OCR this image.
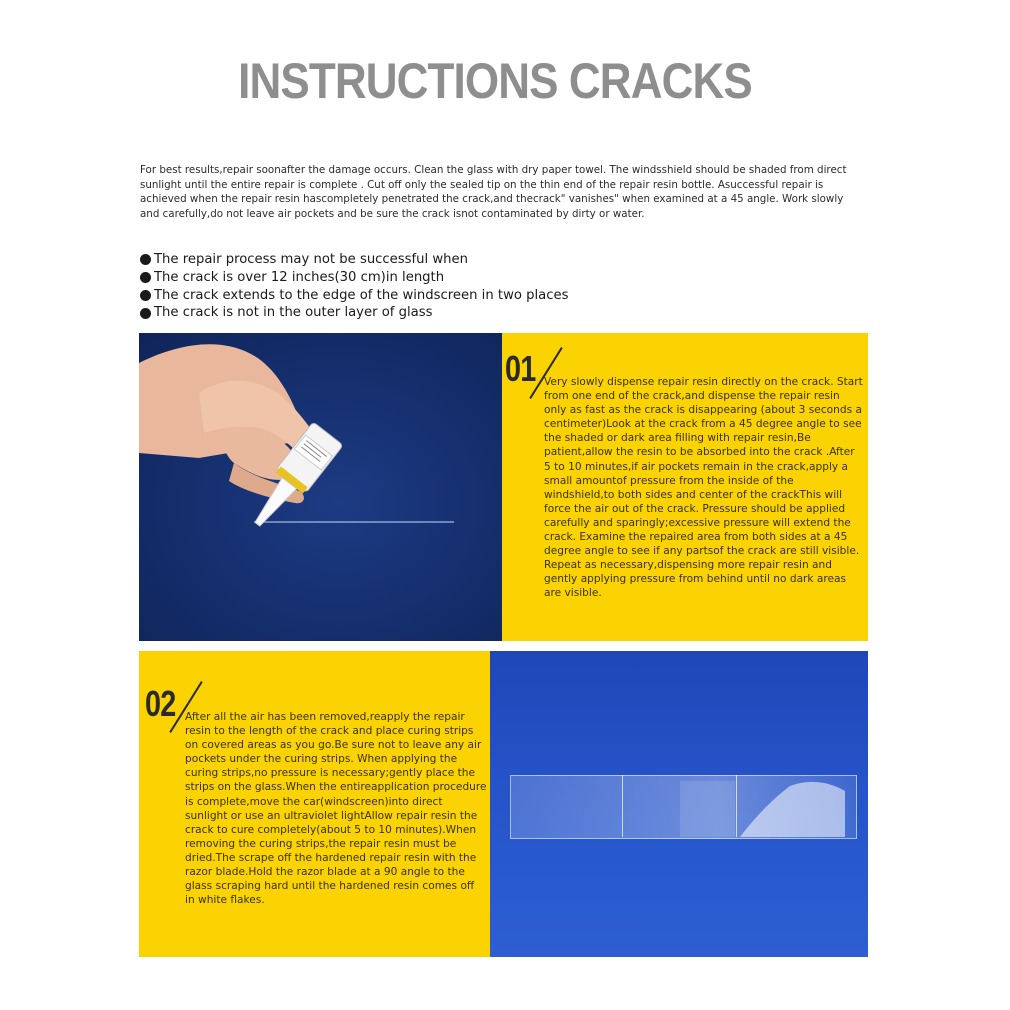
INSTRUCTIONS CRACKS
For best results,repair soonafter the damage occurs. Clean the glass with dry paper towel. The windsshield should be shaded from direct sunlight until the entire repair is complete . Cut off only the sealed tip on the thin end of the repair resin bottle. Asuccessful repair is achieved when the repair resin hascompletely penetrated the crack,and thecrack" vanishes" when examined at a 45 angle. Work slowly and carefully,do not leave air pockets and be sure the crack isnot contaminated by dirty or water.
The repair process may not be successful when
The crack is over 12 inches(30 cm)in length
The crack extends to the edge of the windscreen in two places
The crack is not in the outer layer of glass
01 Very slowly dispense repair resin directly on the crack. Start from one end of the crack,and dispense the repair resin only as fast as the crack is disappearing (about 3 seconds a centimeter)Look at the crack from a 45 degree angle to see the shaded or dark area filling with repair resin,Be patient,allow the resin to be absorbed into the crack .After 5 to 10 minutes,if air pockets remain in the crack,apply a small amountof pressure from the inside of the windshield,to both sides and center of the crackThis will force the air out of the crack. Pressure should be applied carefully and sparingly;excessive pressure will extend the crack. Examine the repaired area from both sides at a 45 degree angle to see if any partsof the crack are still visible. Repeat as necessary,dispensing more repair resin and gently applying pressure from behind until no dark areas are visible.
02 After all the air has been removed,reapply the repair resin to the length of the crack and place curing strips on covered areas as you go.Be sure not to leave any air pockets under the curing strips. When applying the curing strips,no pressure is necessary;gently place the strips on the glass.When the entireapplication procedure is complete,move the car(windscreen)into direct sunlight or use an ultraviolet lightAllow repair resin the crack to cure completely(about 5 to 10 minutes).When removing the curing strips,the repair resin must be dried.The scrape off the hardened repair resin with the razor blade.Hold the razor blade at a 90 angle to the glass scraping hard until the hardened resin comes off in white flakes.
